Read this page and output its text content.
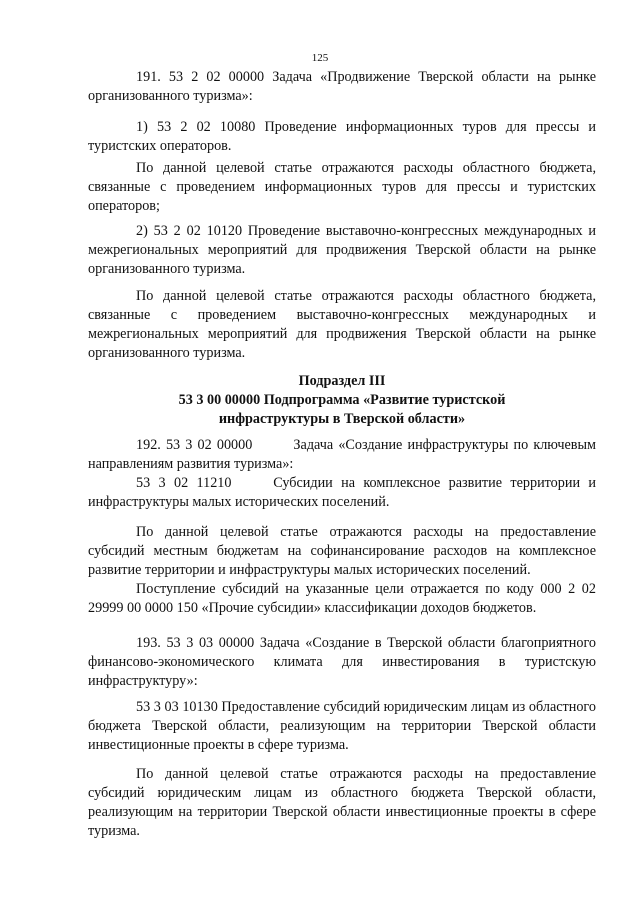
125

191. 53 2 02 00000 Задача «Продвижение Тверской области на рынке организованного туризма»:

1) 53 2 02 10080 Проведение информационных туров для прессы и туристских операторов.

По данной целевой статье отражаются расходы областного бюджета, связанные с проведением информационных туров для прессы и туристских операторов;

2) 53 2 02 10120 Проведение выставочно-конгрессных международных и межрегиональных мероприятий для продвижения Тверской области на рынке организованного туризма.

По данной целевой статье отражаются расходы областного бюджета, связанные с проведением выставочно-конгрессных международных и межрегиональных мероприятий для продвижения Тверской области на рынке организованного туризма.

Подраздел III

53 3 00 00000 Подпрограмма «Развитие туристской

инфраструктуры в Тверской области»

192. 53 3 02 00000        Задача «Создание инфраструктуры по ключевым направлениям развития туризма»:

53 3 02 11210     Субсидии на комплексное развитие территории и инфраструктуры малых исторических поселений.

По данной целевой статье отражаются расходы на предоставление субсидий местным бюджетам на софинансирование расходов на комплексное развитие территории и инфраструктуры малых исторических поселений.

Поступление субсидий на указанные цели отражается по коду 000 2 02 29999 00 0000 150 «Прочие субсидии» классификации доходов бюджетов.

193. 53 3 03 00000 Задача «Создание в Тверской области благоприятного финансово-экономического климата для инвестирования в туристскую инфраструктуру»:

53 3 03 10130 Предоставление субсидий юридическим лицам из областного бюджета Тверской области, реализующим на территории Тверской области инвестиционные проекты в сфере туризма.

По данной целевой статье отражаются расходы на предоставление субсидий юридическим лицам из областного бюджета Тверской области, реализующим на территории Тверской области инвестиционные проекты в сфере туризма.
